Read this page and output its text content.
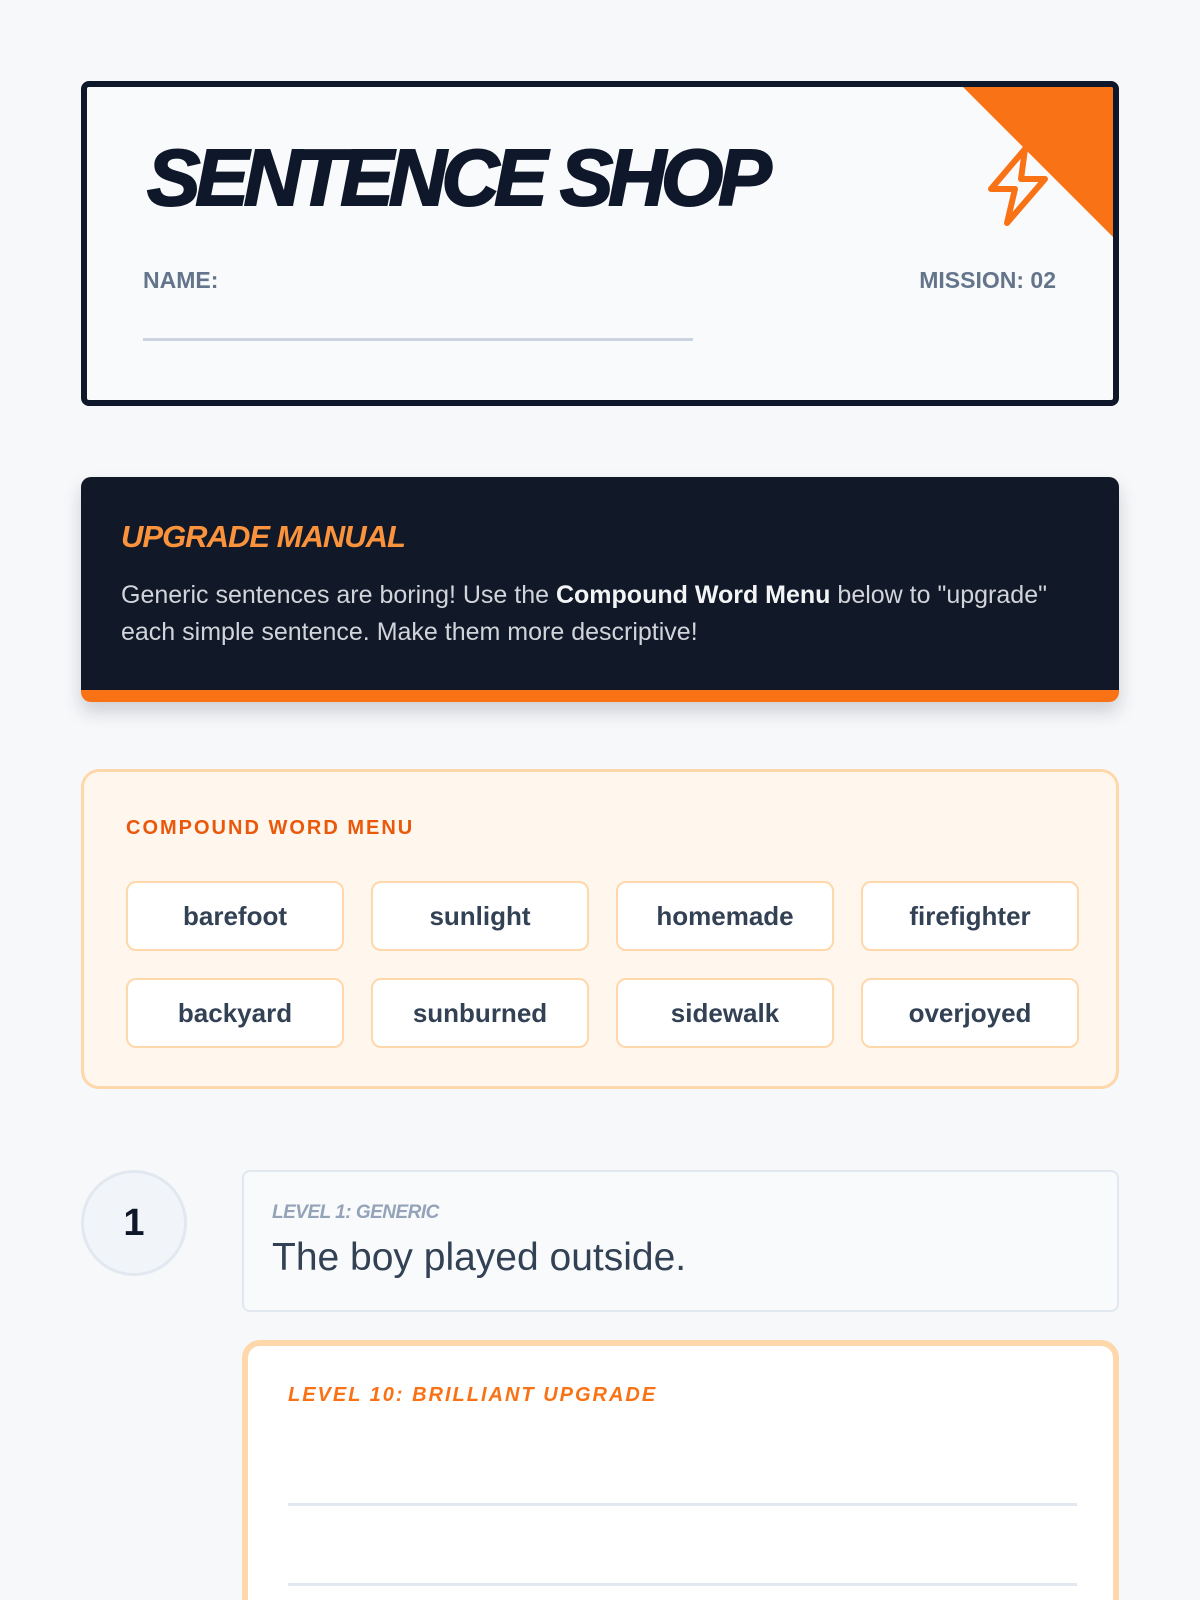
SENTENCE SHOP
NAME:	MISSION: 02
UPGRADE MANUAL

Generic sentences are boring! Use the Compound Word Menu below to "upgrade" each simple sentence. Make them more descriptive!

COMPOUND WORD MENU
barefoot	sunlight	homemade	firefighter
backyard	sunburned	sidewalk	overjoyed
1	LEVEL 1: GENERIC
The boy played outside.
LEVEL 10: BRILLIANT UPGRADE
